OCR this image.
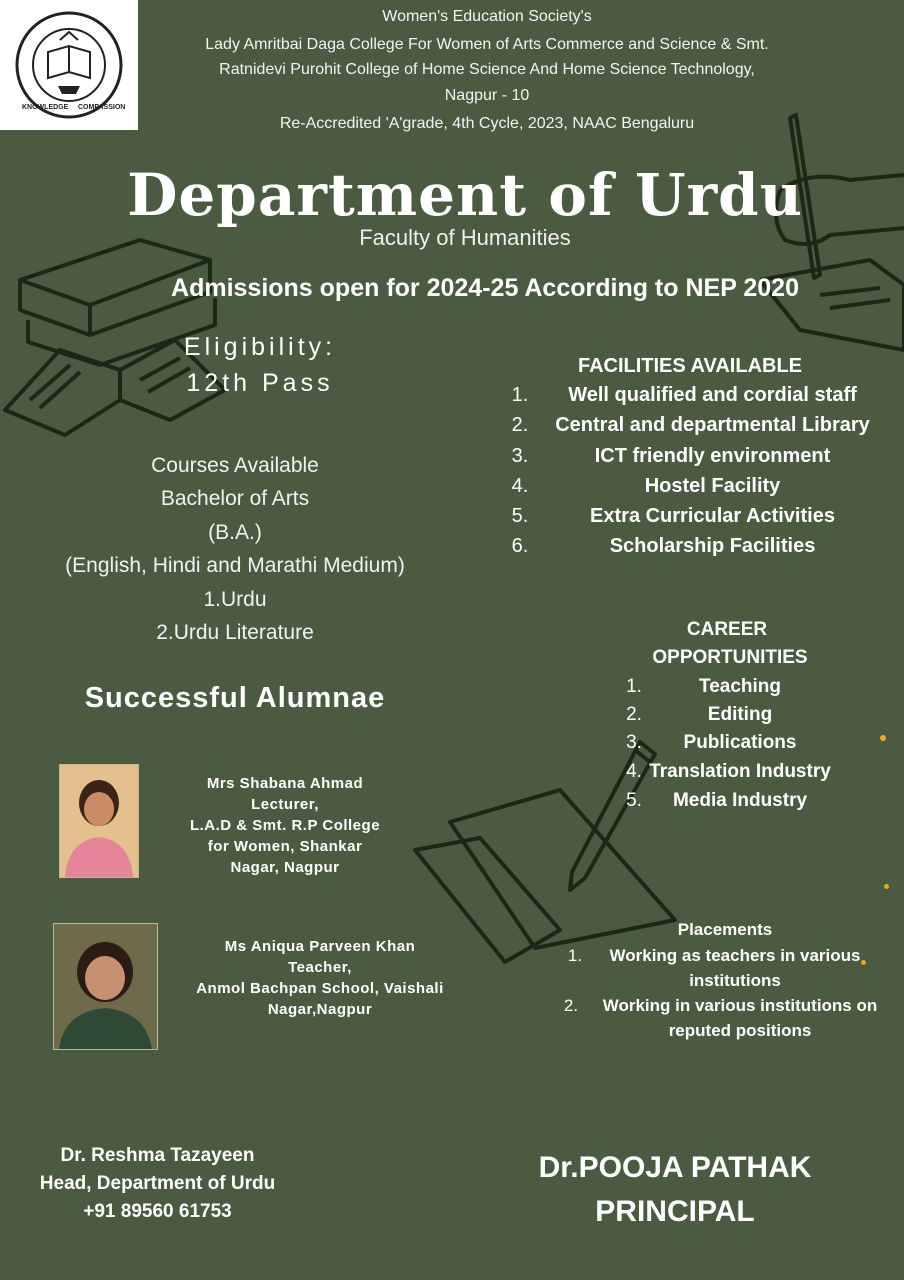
KNOWLEDGE COMPASSION
Women's Education Society's
Lady Amritbai Daga College For Women of Arts Commerce and Science & Smt.
Ratnidevi Purohit College of Home Science And Home Science Technology,
Nagpur - 10
Re-Accredited 'A'grade, 4th Cycle, 2023, NAAC Bengaluru
Department of Urdu
Faculty of Humanities
Admissions open for 2024-25 According to NEP 2020
Eligibility:
12th Pass
Courses Available
Bachelor of Arts
(B.A.)
(English, Hindi and Marathi Medium)
1.Urdu
2.Urdu Literature
FACILITIES AVAILABLE
1.	Well qualified and cordial staff
2.	Central and departmental Library
3.	ICT friendly environment
4.	Hostel Facility
5.	Extra Curricular Activities
6.	Scholarship Facilities
Successful Alumnae
Mrs Shabana Ahmad
Lecturer,
L.A.D & Smt. R.P College
for Women, Shankar
Nagar, Nagpur
Ms Aniqua Parveen Khan
Teacher,
Anmol Bachpan School, Vaishali
Nagar,Nagpur
CAREER
OPPORTUNITIES
1.	Teaching
2.	Editing
3.	Publications
4. Translation Industry
5.	Media Industry
Placements
1.	Working as teachers in various
institutions
2.	Working in various institutions on
reputed positions
Dr. Reshma Tazayeen
Head, Department of Urdu
+91 89560 61753
Dr.POOJA PATHAK
PRINCIPAL
